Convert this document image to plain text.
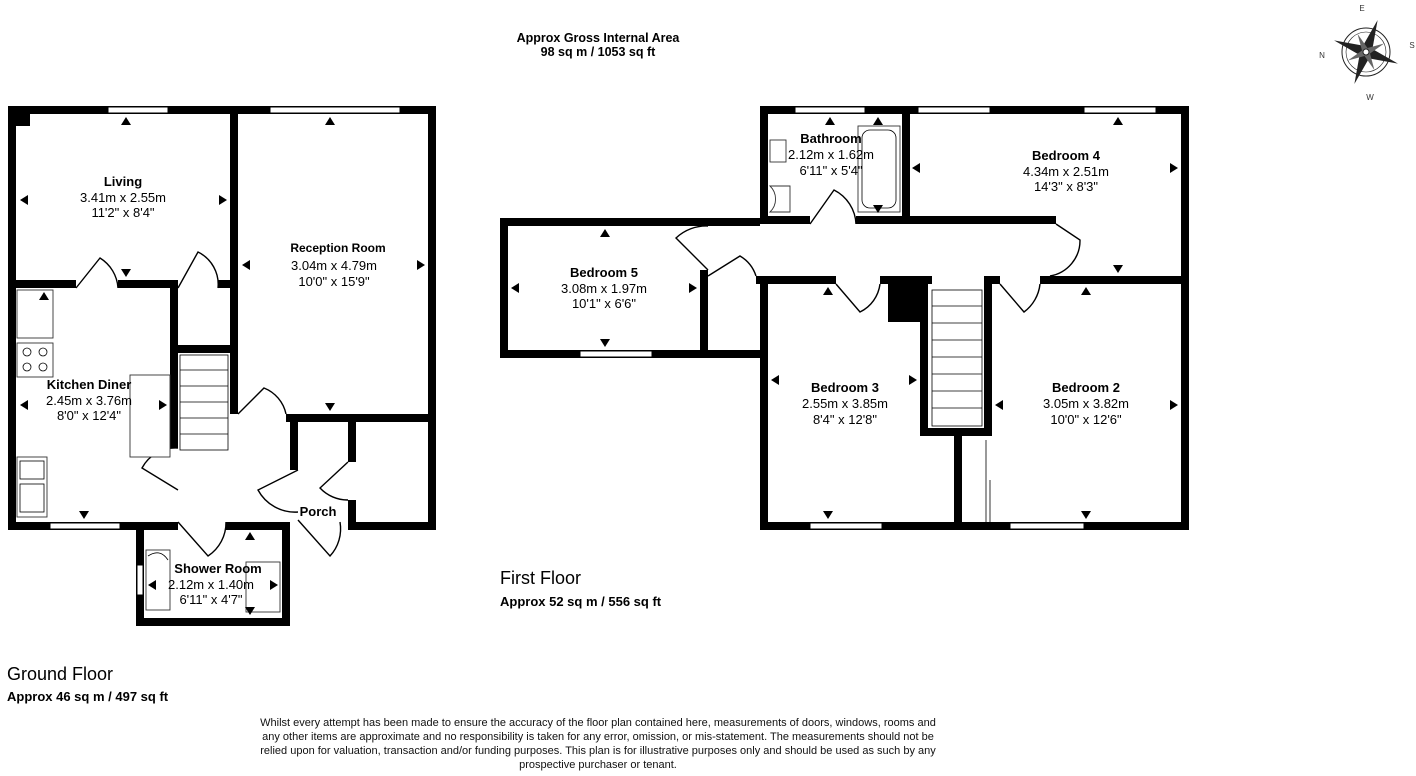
Approx Gross Internal Area
98 sq m / 1053 sq ft	N
E
S
W
Living
3.41m x 2.55m
11'2" x 8'4"
Reception Room
3.04m x 4.79m
10'0" x 15'9"
Kitchen Diner
2.45m x 3.76m
8'0" x 12'4"
Shower Room
2.12m x 1.40m
6'11" x 4'7"
Porch
Bathroom
2.12m x 1.62m
6'11" x 5'4"
Bedroom 4
4.34m x 2.51m
14'3" x 8'3"
Bedroom 5
3.08m x 1.97m
10'1" x 6'6"
Bedroom 3
2.55m x 3.85m
8'4" x 12'8"
Bedroom 2
3.05m x 3.82m
10'0" x 12'6"
First Floor
Approx 52 sq m / 556 sq ft
Ground Floor
Approx 46 sq m / 497 sq ft
Whilst every attempt has been made to ensure the accuracy of the floor plan contained here, measurements of doors, windows, rooms and
any other items are approximate and no responsibility is taken for any error, omission, or mis-statement. The measurements should not be
relied upon for valuation, transaction and/or funding purposes. This plan is for illustrative purposes only and should be used as such by any
prospective purchaser or tenant.
